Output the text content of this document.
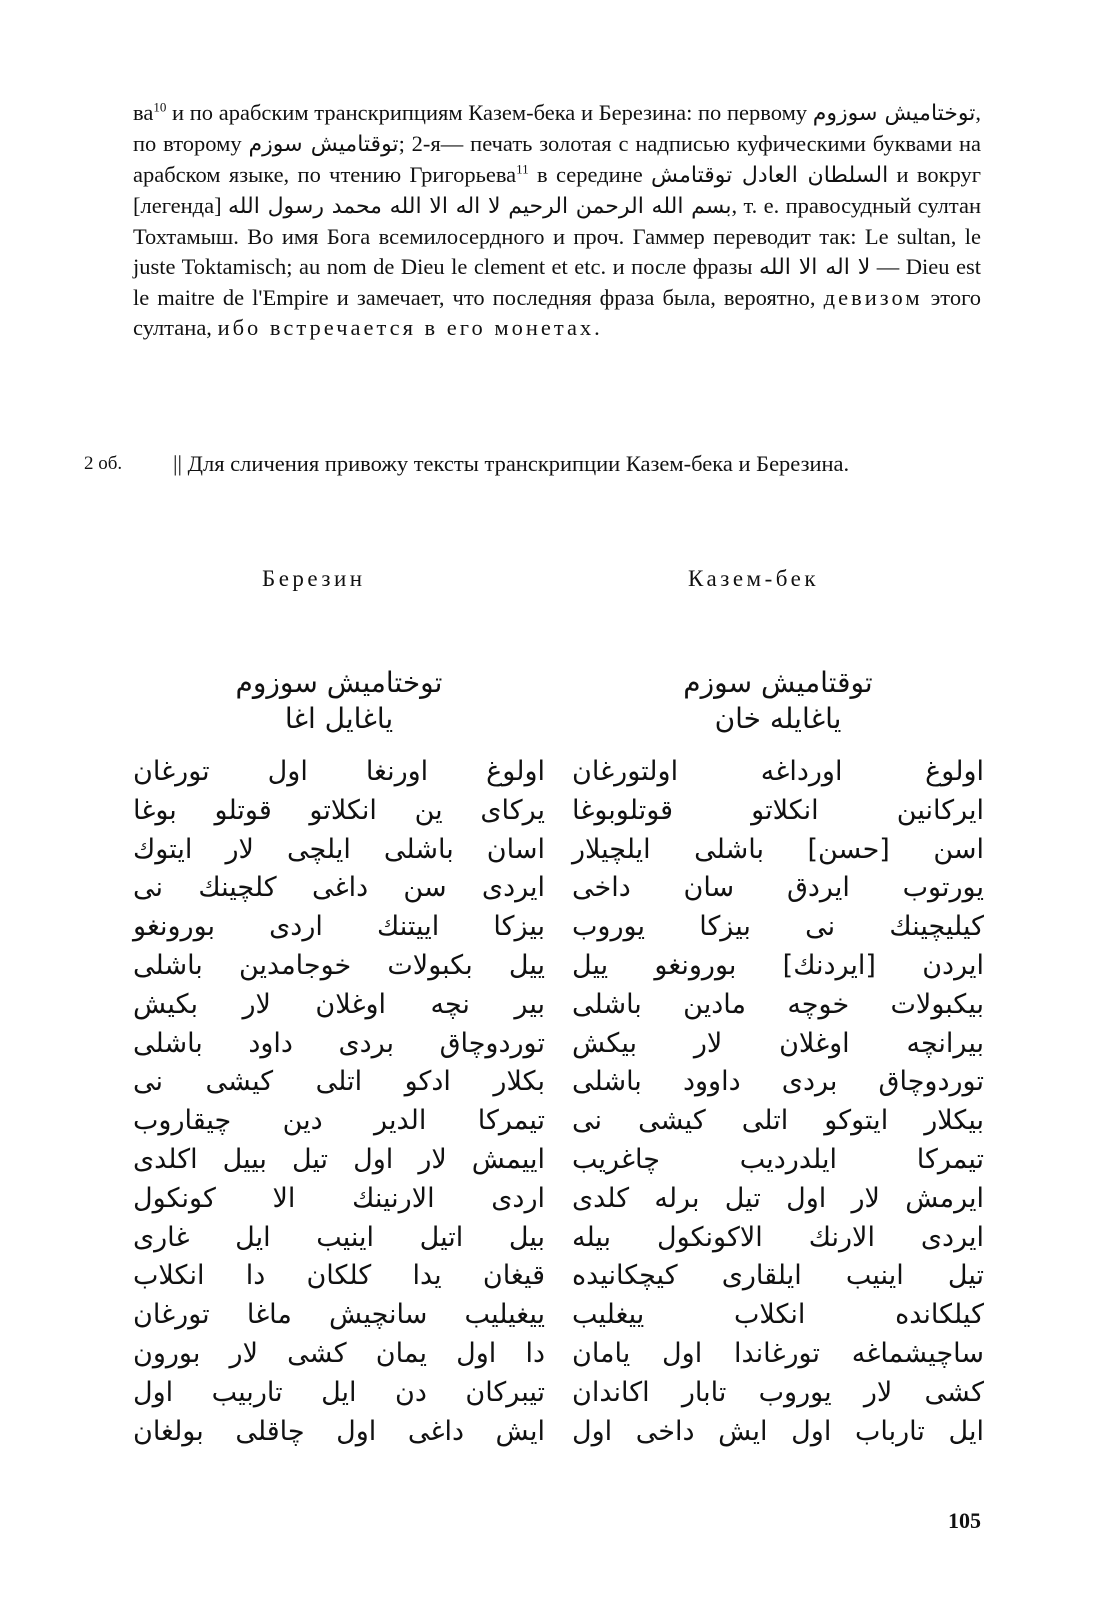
$ва^{10}$ и по арабским транскрипциям Казем-бека и Березина: по первому توختامیش سوزوم, по второму توقتامیش سوزم; 2-я— печать золотая с надписью куфическими буквами на арабском языке, по чтению Григорьева$^{11}$ в середине السلطان العادل توقتامش и вокруг [легенда] بسم الله الرحمن الرحیم لا اله الا الله محمد رسول الله, т. е. правосудный султан Тохтамыш. Во имя Бога всемилосердного и проч. Гаммер переводит так: Le sultan, le juste Toktamisch; au nom de Dieu le clement et etc. и после фразы لا اله الا الله — Dieu est le maitre de l'Empire и замечает, что последняя фраза была, вероятно, девизом этого султана, ибо встречается в его монетах.

2 об.	|| Для сличения привожу тексты транскрипции Казем-бека и Березина.

Березин	Казем-бек
توختامیش سوزوم
یاغایل اغا
اولوغ اورنغا اول تورغان
یرکای ین انکلاتو قوتلو بوغا
اسان باشلی ایلچی لار ایتوك
ایردی سن داغی کلچینك نی
بیزکا اییتنك اردی بورونغو
ییل بکبولات خوجامدین باشلی
بیر نچه اوغلان لار بکیش
توردوچاق بردی داود باشلی
بکلار ادکو اتلی کیشی نی
تیمرکا الدیر دین چیقاروب
اییمش لار اول تیل بییل اکلدی
اردی الارنینك الا کونکول
بیل اتیل اینیب ایل غاری
قیغان یدا کلکان دا انکلاب
ییغیلیب سانچیش ماغا تورغان
دا اول یمان کشی لار بورون
تیبرکان دن ایل تاربیب اول
ایش داغی اول چاقلی بولغان
توقتامیش سوزم
یاغایله خان
اولوغ اورداغه اولتورغان
ایرکانین انکلاتو قوتلوبوغا
اسن [حسن] باشلی ایلچیلار
یورتوب ایردق سان داخی
کیلیچینك نی بیزکا یوروب
ایردن [ایردنك] بورونغو ییل
بیکبولات خوچه مادین باشلی
بیرانچه اوغلان لار بیکش
توردوچاق بردی داوود باشلی
بیکلار ایتوکو اتلی کیشی نی
تیمرکا ایلدردیب چاغریب
ایرمش لار اول تیل برله کلدی
ایردی الارنك الاکونکول بیله
تیل اینیب ایلقاری کیچکانیده
کیلکانده انکلاب ییغلیب
ساچیشماغه تورغاندا اول یامان
کشی لار یوروب تابار اکاندان
ایل تارباب اول ایش داخی اول
105
